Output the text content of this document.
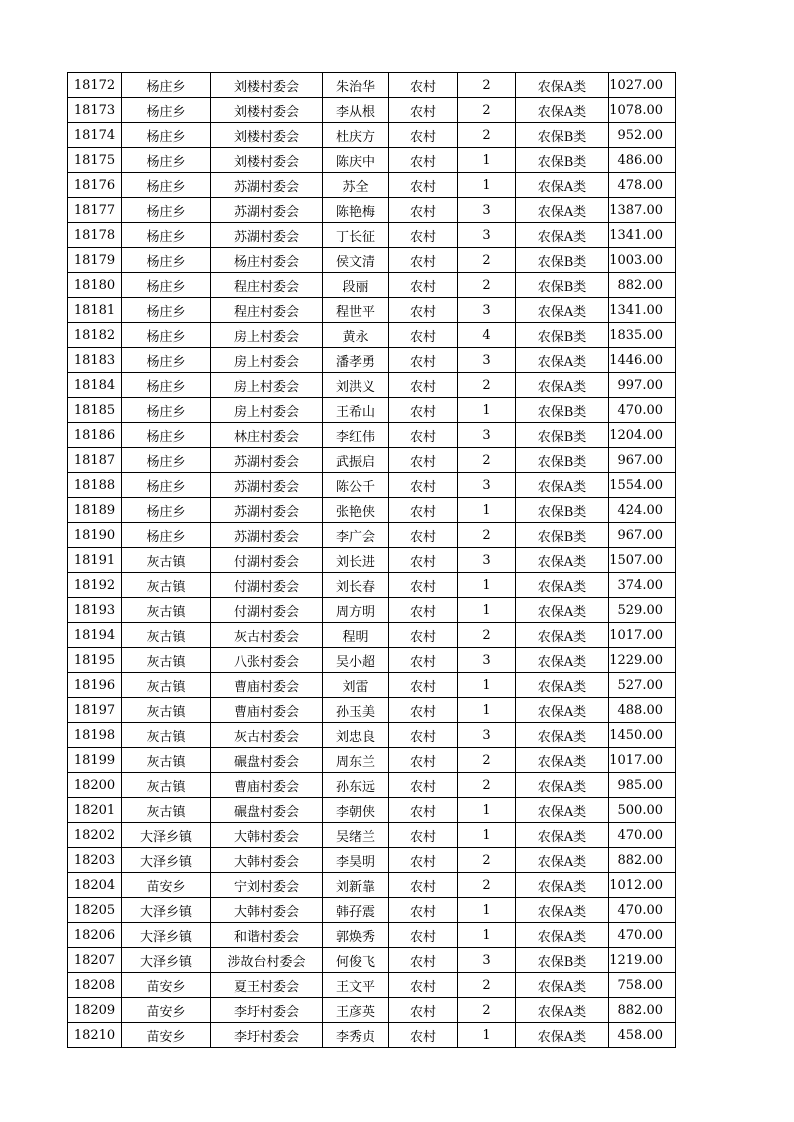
18172	杨庄乡	刘楼村委会	朱治华	农村	2	农保A类	1027.00
18173	杨庄乡	刘楼村委会	李从根	农村	2	农保A类	1078.00
18174	杨庄乡	刘楼村委会	杜庆方	农村	2	农保B类	952.00
18175	杨庄乡	刘楼村委会	陈庆中	农村	1	农保B类	486.00
18176	杨庄乡	苏湖村委会	苏全	农村	1	农保A类	478.00
18177	杨庄乡	苏湖村委会	陈艳梅	农村	3	农保A类	1387.00
18178	杨庄乡	苏湖村委会	丁长征	农村	3	农保A类	1341.00
18179	杨庄乡	杨庄村委会	侯文清	农村	2	农保B类	1003.00
18180	杨庄乡	程庄村委会	段丽	农村	2	农保B类	882.00
18181	杨庄乡	程庄村委会	程世平	农村	3	农保A类	1341.00
18182	杨庄乡	房上村委会	黄永	农村	4	农保B类	1835.00
18183	杨庄乡	房上村委会	潘孝勇	农村	3	农保A类	1446.00
18184	杨庄乡	房上村委会	刘洪义	农村	2	农保A类	997.00
18185	杨庄乡	房上村委会	王希山	农村	1	农保B类	470.00
18186	杨庄乡	林庄村委会	李红伟	农村	3	农保B类	1204.00
18187	杨庄乡	苏湖村委会	武振启	农村	2	农保B类	967.00
18188	杨庄乡	苏湖村委会	陈公千	农村	3	农保A类	1554.00
18189	杨庄乡	苏湖村委会	张艳侠	农村	1	农保B类	424.00
18190	杨庄乡	苏湖村委会	李广会	农村	2	农保B类	967.00
18191	灰古镇	付湖村委会	刘长进	农村	3	农保A类	1507.00
18192	灰古镇	付湖村委会	刘长春	农村	1	农保A类	374.00
18193	灰古镇	付湖村委会	周方明	农村	1	农保A类	529.00
18194	灰古镇	灰古村委会	程明	农村	2	农保A类	1017.00
18195	灰古镇	八张村委会	吴小超	农村	3	农保A类	1229.00
18196	灰古镇	曹庙村委会	刘雷	农村	1	农保A类	527.00
18197	灰古镇	曹庙村委会	孙玉美	农村	1	农保A类	488.00
18198	灰古镇	灰古村委会	刘忠良	农村	3	农保A类	1450.00
18199	灰古镇	碾盘村委会	周东兰	农村	2	农保A类	1017.00
18200	灰古镇	曹庙村委会	孙东远	农村	2	农保A类	985.00
18201	灰古镇	碾盘村委会	李朝侠	农村	1	农保A类	500.00
18202	大泽乡镇	大韩村委会	吴绪兰	农村	1	农保A类	470.00
18203	大泽乡镇	大韩村委会	李昊明	农村	2	农保A类	882.00
18204	苗安乡	宁刘村委会	刘新靠	农村	2	农保A类	1012.00
18205	大泽乡镇	大韩村委会	韩孖震	农村	1	农保A类	470.00
18206	大泽乡镇	和谐村委会	郭焕秀	农村	1	农保A类	470.00
18207	大泽乡镇	涉故台村委会	何俊飞	农村	3	农保B类	1219.00
18208	苗安乡	夏王村委会	王文平	农村	2	农保A类	758.00
18209	苗安乡	李圩村委会	王彦英	农村	2	农保A类	882.00
18210	苗安乡	李圩村委会	李秀贞	农村	1	农保A类	458.00
